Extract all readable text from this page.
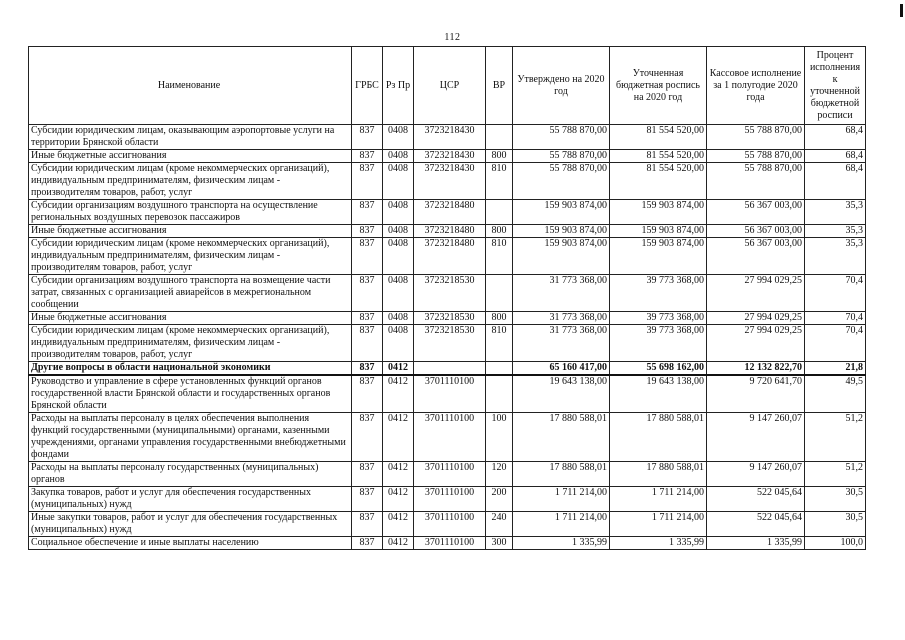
112
Наименование	ГРБС	Рз Пр	ЦСР	ВР	Утверждено на 2020 год	Уточненная бюджетная роспись на 2020 год	Кассовое исполнение за 1 полугодие 2020 года	Процент исполнения к уточненной бюджетной росписи
Субсидии юридическим лицам, оказывающим аэропортовые услуги на территории Брянской области	837	0408	3723218430		55 788 870,00	81 554 520,00	55 788 870,00	68,4
Иные бюджетные ассигнования	837	0408	3723218430	800	55 788 870,00	81 554 520,00	55 788 870,00	68,4
Субсидии юридическим лицам (кроме некоммерческих организаций), индивидуальным предпринимателям, физическим лицам - производителям товаров, работ, услуг	837	0408	3723218430	810	55 788 870,00	81 554 520,00	55 788 870,00	68,4
Субсидии организациям воздушного транспорта на осуществление региональных воздушных перевозок пассажиров	837	0408	3723218480		159 903 874,00	159 903 874,00	56 367 003,00	35,3
Иные бюджетные ассигнования	837	0408	3723218480	800	159 903 874,00	159 903 874,00	56 367 003,00	35,3
Субсидии юридическим лицам (кроме некоммерческих организаций), индивидуальным предпринимателям, физическим лицам - производителям товаров, работ, услуг	837	0408	3723218480	810	159 903 874,00	159 903 874,00	56 367 003,00	35,3
Субсидии организациям воздушного транспорта на возмещение части затрат, связанных с организацией авиарейсов в межрегиональном сообщении	837	0408	3723218530		31 773 368,00	39 773 368,00	27 994 029,25	70,4
Иные бюджетные ассигнования	837	0408	3723218530	800	31 773 368,00	39 773 368,00	27 994 029,25	70,4
Субсидии юридическим лицам (кроме некоммерческих организаций), индивидуальным предпринимателям, физическим лицам - производителям товаров, работ, услуг	837	0408	3723218530	810	31 773 368,00	39 773 368,00	27 994 029,25	70,4
Другие вопросы в области национальной экономики	837	0412			65 160 417,00	55 698 162,00	12 132 822,70	21,8
Руководство и управление в сфере установленных функций органов государственной власти Брянской области и государственных органов Брянской области	837	0412	3701110100		19 643 138,00	19 643 138,00	9 720 641,70	49,5
Расходы на выплаты персоналу в целях обеспечения выполнения функций государственными (муниципальными) органами, казенными учреждениями, органами управления государственными внебюджетными фондами	837	0412	3701110100	100	17 880 588,01	17 880 588,01	9 147 260,07	51,2
Расходы на выплаты персоналу государственных (муниципальных) органов	837	0412	3701110100	120	17 880 588,01	17 880 588,01	9 147 260,07	51,2
Закупка товаров, работ и услуг для обеспечения государственных (муниципальных) нужд	837	0412	3701110100	200	1 711 214,00	1 711 214,00	522 045,64	30,5
Иные закупки товаров, работ и услуг для обеспечения государственных (муниципальных) нужд	837	0412	3701110100	240	1 711 214,00	1 711 214,00	522 045,64	30,5
Социальное обеспечение и иные выплаты населению	837	0412	3701110100	300	1 335,99	1 335,99	1 335,99	100,0
